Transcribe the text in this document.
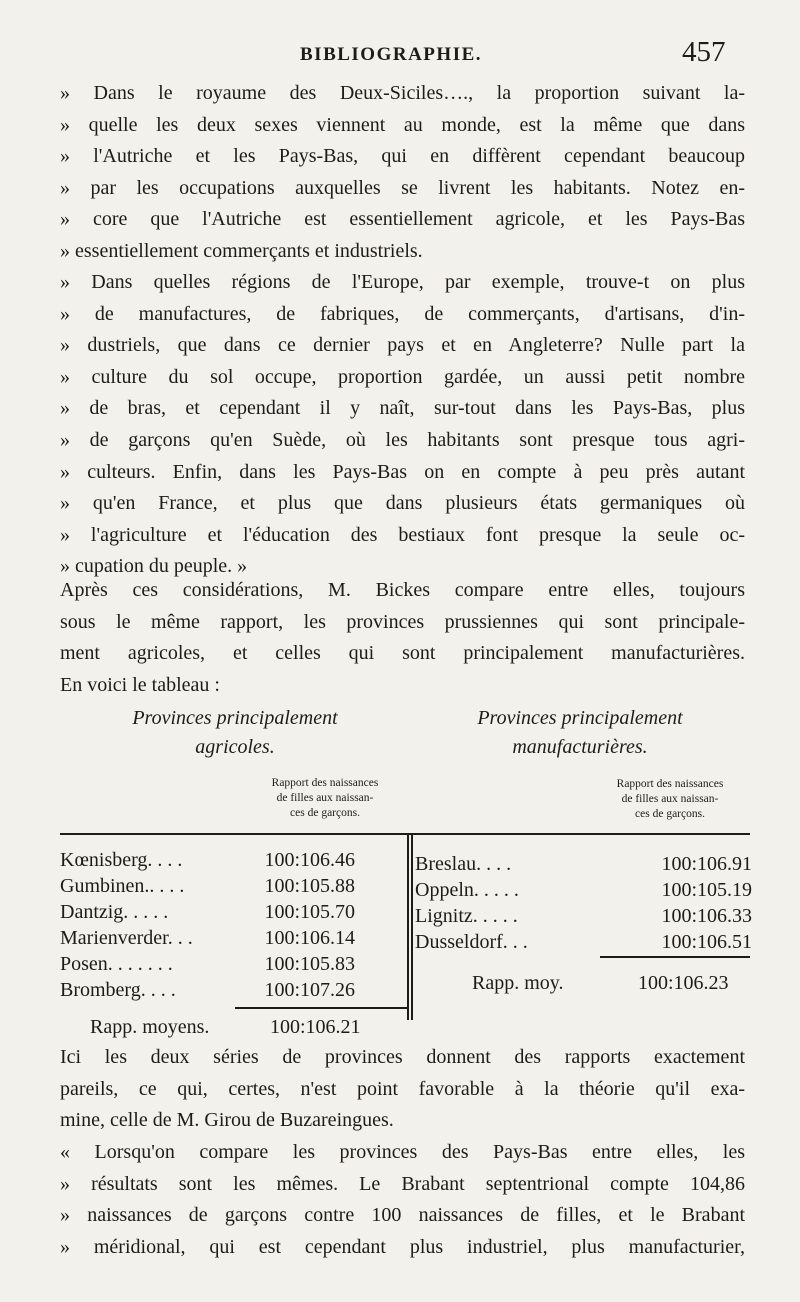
BIBLIOGRAPHIE.	457
» Dans le royaume des Deux-Siciles…., la proportion suivant la-
» quelle les deux sexes viennent au monde, est la même que dans
» l'Autriche et les Pays-Bas, qui en diffèrent cependant beaucoup
» par les occupations auxquelles se livrent les habitants. Notez en-
» core que l'Autriche est essentiellement agricole, et les Pays-Bas
» essentiellement commerçants et industriels.
» Dans quelles régions de l'Europe, par exemple, trouve-t on plus
» de manufactures, de fabriques, de commerçants, d'artisans, d'in-
» dustriels, que dans ce dernier pays et en Angleterre? Nulle part la
» culture du sol occupe, proportion gardée, un aussi petit nombre
» de bras, et cependant il y naît, sur-tout dans les Pays-Bas, plus
» de garçons qu'en Suède, où les habitants sont presque tous agri-
» culteurs. Enfin, dans les Pays-Bas on en compte à peu près autant
» qu'en France, et plus que dans plusieurs états germaniques où
» l'agriculture et l'éducation des bestiaux font presque la seule oc-
» cupation du peuple. »
Après ces considérations, M. Bickes compare entre elles, toujours
sous le même rapport, les provinces prussiennes qui sont principale-
ment agricoles, et celles qui sont principalement manufacturières.
En voici le tableau :
Provinces principalement
agricoles.
Provinces principalement
manufacturières.
Rapport des naissances
de filles aux naissan-
ces de garçons.
Rapport des naissances
de filles aux naissan-
ces de garçons.
Kœnisberg. . . .	100:106.46
Gumbinen.. . . .	100:105.88
Dantzig. . . . .	100:105.70
Marienverder. . .	100:106.14
Posen. . . . . . .	100:105.83
Bromberg. . . .	100:107.26
Breslau. . . .	100:106.91
Oppeln. . . . .	100:105.19
Lignitz. . . . .	100:106.33
Dusseldorf. . .	100:106.51
Rapp. moy.	100:106.23
Rapp. moyens.	100:106.21
Ici les deux séries de provinces donnent des rapports exactement
pareils, ce qui, certes, n'est point favorable à la théorie qu'il exa-
mine, celle de M. Girou de Buzareingues.
« Lorsqu'on compare les provinces des Pays-Bas entre elles, les
» résultats sont les mêmes. Le Brabant septentrional compte 104,86
» naissances de garçons contre 100 naissances de filles, et le Brabant
» méridional, qui est cependant plus industriel, plus manufacturier,
